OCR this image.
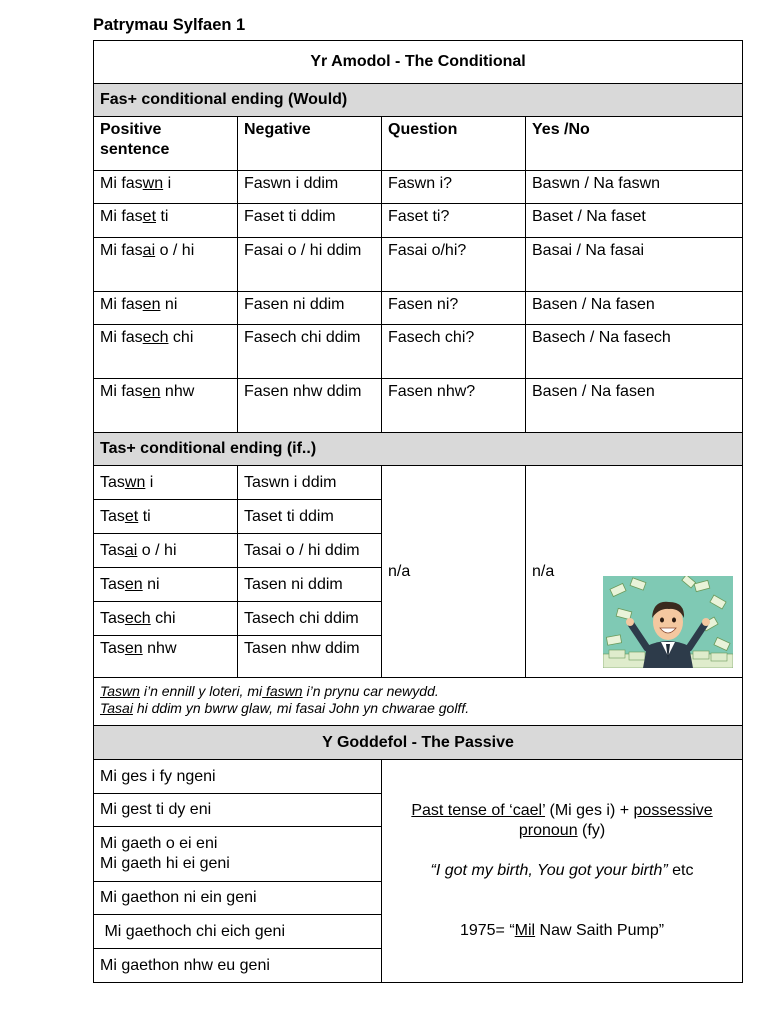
Patrymau Sylfaen 1
Yr Amodol - The Conditional			
Fas+ conditional ending (Would)			
Positive sentence	Negative	Question	Yes /No
Mi faswn i	Faswn i ddim	Faswn i?	Baswn / Na faswn
Mi faset ti	Faset ti ddim	Faset ti?	Baset / Na faset
Mi fasai o / hi	Fasai o / hi ddim	Fasai o/hi?	Basai / Na fasai
Mi fasen ni	Fasen ni ddim	Fasen ni?	Basen / Na fasen
Mi fasech chi	Fasech chi ddim	Fasech chi?	Basech / Na fasech
Mi fasen nhw	Fasen nhw ddim	Fasen nhw?	Basen / Na fasen
Tas+ conditional ending (if..)			
Taswn i	Taswn i ddim	n/a	n/a
Taset ti	Taset ti ddim		
Tasai o / hi	Tasai o / hi ddim		
Tasen ni	Tasen ni ddim		
Tasech chi	Tasech chi ddim		
Tasen nhw	Tasen nhw ddim		

Taswn i’n ennill y loteri, mi faswn i’n prynu car newydd.
Tasai hi ddim yn bwrw glaw, mi fasai John yn chwarae golff.			

Y Goddefol - The Passive			
Mi ges i fy ngeni		Past tense of ‘cael’ (Mi ges i) + possessive pronoun (fy)
“I got my birth, You got your birth” etc
1975= “Mil Naw Saith Pump”	

Mi gest ti dy eni			

Mi gaeth o ei eni
Mi gaeth hi ei geni			

Mi gaethon ni ein geni			
Mi gaethoch chi eich geni			
Mi gaethon nhw eu geni			
